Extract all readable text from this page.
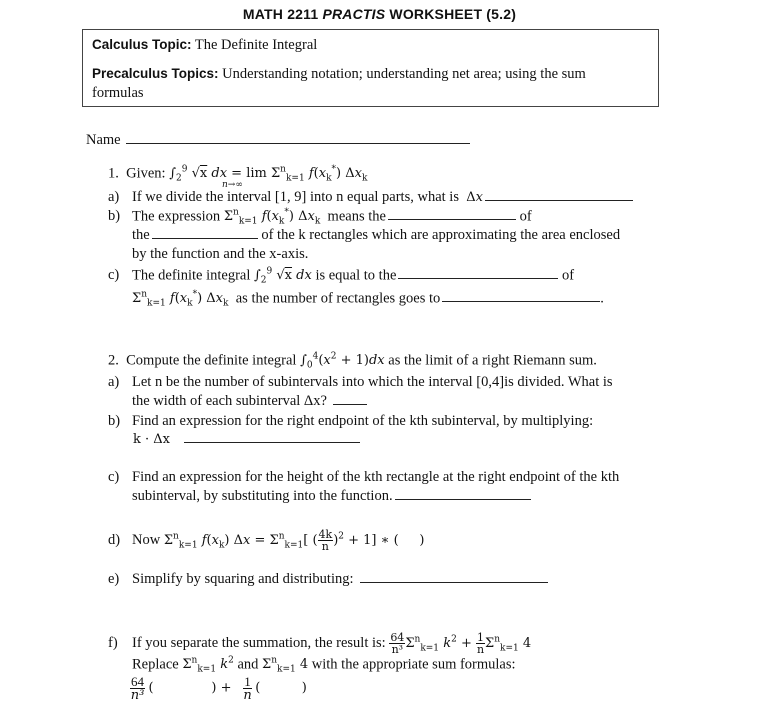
MATH 2211 PRACTIS WORKSHEET (5.2)
Calculus Topic: The Definite Integral
Precalculus Topics: Understanding notation; understanding net area; using the sum
formulas
Name
1. Given: $\int_2^9$ √x dx = $\lim \Sigma^n_{k=1}$ $f(x_k^*)$ $\Delta x_k$
n→∞
a) If we divide the interval [1, 9] into n equal parts, what is Δx
b) The expression $\Sigma^n_{k=1}$ $f(x_k^*)$ $\Delta x_k$ means the	of
the	of the k rectangles which are approximating the area enclosed
by the function and the x-axis.
c) The definite integral $\int_2^9$ √x dx is equal to the	of
$\Sigma^n_{k=1}$ $f(x_k^*)$ $\Delta x_k$ as the number of rectangles goes to	.
2. Compute the definite integral $\int_0^4(x^2 + 1)dx$ as the limit of a right Riemann sum.
a) Let n be the number of subintervals into which the interval [0,4]is divided. What is
the width of each subinterval Δx?
b) Find an expression for the right endpoint of the kth subinterval, by multiplying:
k · Δx
c) Find an expression for the height of the kth rectangle at the right endpoint of the kth
subinterval, by substituting into the function.
d) Now $\Sigma^n_{k=1}$ $f(x_k) \Delta x = \Sigma^n_{k=1}$[ ( $\frac{4k}{n} )^2 + 1$] ∗ (     )
e) Simplify by squaring and distributing:
f) If you separate the summation, the result is: $\frac{64}{\text{n³}} \Sigma^n_{k=1}$ $k^2 + \frac{1}{n} \Sigma^n_{k=1}$ 4
Replace $\Sigma^n_{k=1}$ $k^2$ and $\Sigma^n_{k=1}$ 4 with the appropriate sum formulas:
$\frac{64}{\text{n³}}$ (              ) + $\frac{1}{n}$ (          )
